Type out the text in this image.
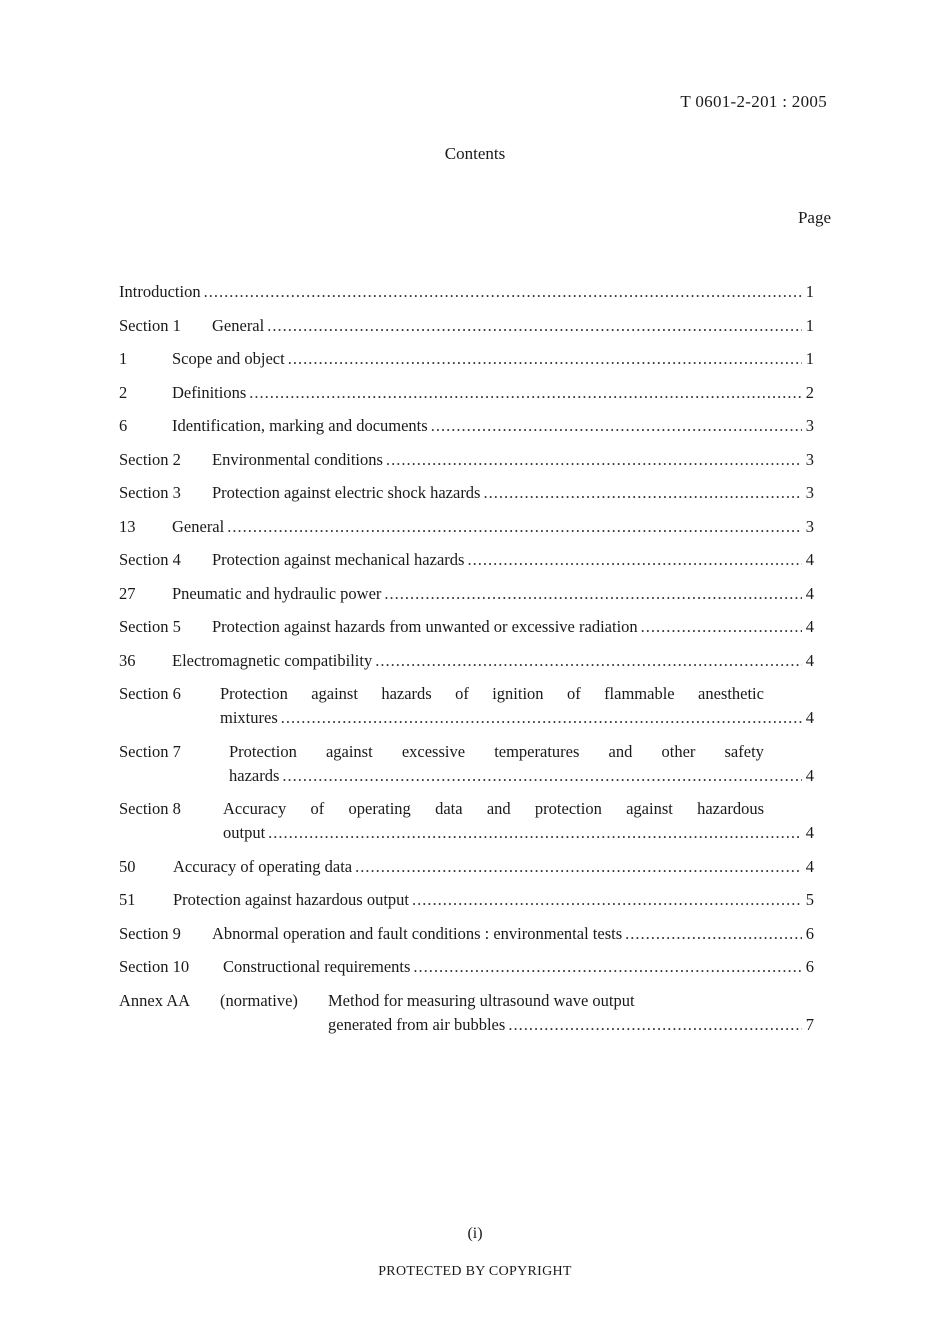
T 0601-2-201 : 2005
Contents
Page
Introduction .....	1
Section 1	General .....	1
1	Scope and object .....	1
2	Definitions .....	2
6	Identification, marking and documents .....	3
Section 2	Environmental conditions .....	3
Section 3	Protection against electric shock hazards .....	3
13	General .....	3
Section 4	Protection against mechanical hazards .....	4
27	Pneumatic and hydraulic power .....	4
Section 5	Protection against hazards from unwanted or excessive radiation .....	4
36	Electromagnetic compatibility .....	4
Section 6	Protection against hazards of ignition of flammable anesthetic
mixtures .....	4
Section 7	Protection against excessive temperatures and other safety
hazards .....	4
Section 8	Accuracy of operating data and protection against hazardous
output .....	4
50	Accuracy of operating data .....	4
51	Protection against hazardous output .....	5
Section 9	Abnormal operation and fault conditions : environmental tests .....	6
Section 10	Constructional requirements .....	6
Annex AA	(normative)	Method for measuring ultrasound wave output
generated from air bubbles .....	7
(i)
PROTECTED BY COPYRIGHT
